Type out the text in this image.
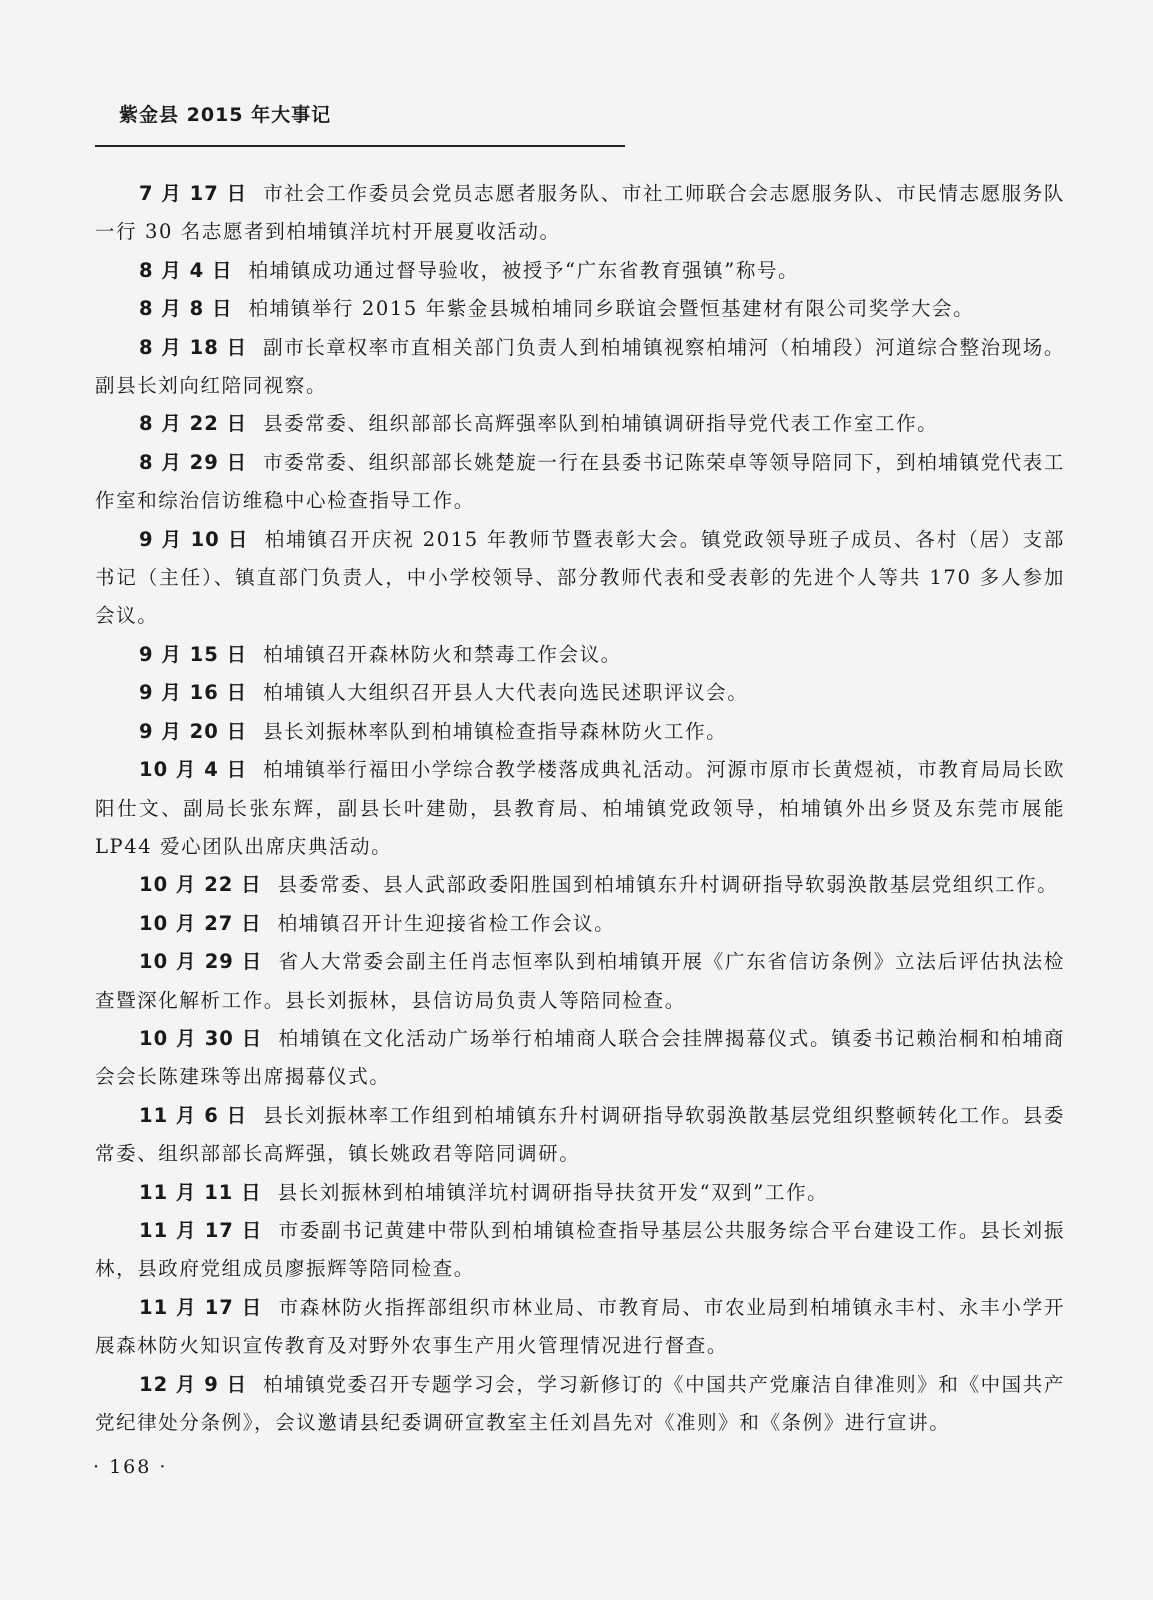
紫金县 2015 年大事记

7 月 17 日 市社会工作委员会党员志愿者服务队、市社工师联合会志愿服务队、市民情志愿服务队一行 30 名志愿者到柏埔镇洋坑村开展夏收活动。

8 月 4 日 柏埔镇成功通过督导验收，被授予“广东省教育强镇”称号。

8 月 8 日 柏埔镇举行 2015 年紫金县城柏埔同乡联谊会暨恒基建材有限公司奖学大会。

8 月 18 日 副市长章权率市直相关部门负责人到柏埔镇视察柏埔河（柏埔段）河道综合整治现场。副县长刘向红陪同视察。

8 月 22 日 县委常委、组织部部长高辉强率队到柏埔镇调研指导党代表工作室工作。

8 月 29 日 市委常委、组织部部长姚楚旋一行在县委书记陈荣卓等领导陪同下，到柏埔镇党代表工作室和综治信访维稳中心检查指导工作。

9 月 10 日 柏埔镇召开庆祝 2015 年教师节暨表彰大会。镇党政领导班子成员、各村（居）支部书记（主任）、镇直部门负责人，中小学校领导、部分教师代表和受表彰的先进个人等共 170 多人参加会议。

9 月 15 日 柏埔镇召开森林防火和禁毒工作会议。

9 月 16 日 柏埔镇人大组织召开县人大代表向选民述职评议会。

9 月 20 日 县长刘振林率队到柏埔镇检查指导森林防火工作。

10 月 4 日 柏埔镇举行福田小学综合教学楼落成典礼活动。河源市原市长黄煜祯，市教育局局长欧阳仕文、副局长张东辉，副县长叶建勋，县教育局、柏埔镇党政领导，柏埔镇外出乡贤及东莞市展能 LP44 爱心团队出席庆典活动。

10 月 22 日 县委常委、县人武部政委阳胜国到柏埔镇东升村调研指导软弱涣散基层党组织工作。

10 月 27 日 柏埔镇召开计生迎接省检工作会议。

10 月 29 日 省人大常委会副主任肖志恒率队到柏埔镇开展《广东省信访条例》立法后评估执法检查暨深化解析工作。县长刘振林，县信访局负责人等陪同检查。

10 月 30 日 柏埔镇在文化活动广场举行柏埔商人联合会挂牌揭幕仪式。镇委书记赖治桐和柏埔商会会长陈建珠等出席揭幕仪式。

11 月 6 日 县长刘振林率工作组到柏埔镇东升村调研指导软弱涣散基层党组织整顿转化工作。县委常委、组织部部长高辉强，镇长姚政君等陪同调研。

11 月 11 日 县长刘振林到柏埔镇洋坑村调研指导扶贫开发“双到”工作。

11 月 17 日 市委副书记黄建中带队到柏埔镇检查指导基层公共服务综合平台建设工作。县长刘振林，县政府党组成员廖振辉等陪同检查。

11 月 17 日 市森林防火指挥部组织市林业局、市教育局、市农业局到柏埔镇永丰村、永丰小学开展森林防火知识宣传教育及对野外农事生产用火管理情况进行督查。

12 月 9 日 柏埔镇党委召开专题学习会，学习新修订的《中国共产党廉洁自律准则》和《中国共产党纪律处分条例》，会议邀请县纪委调研宣教室主任刘昌先对《准则》和《条例》进行宣讲。

· 168 ·
